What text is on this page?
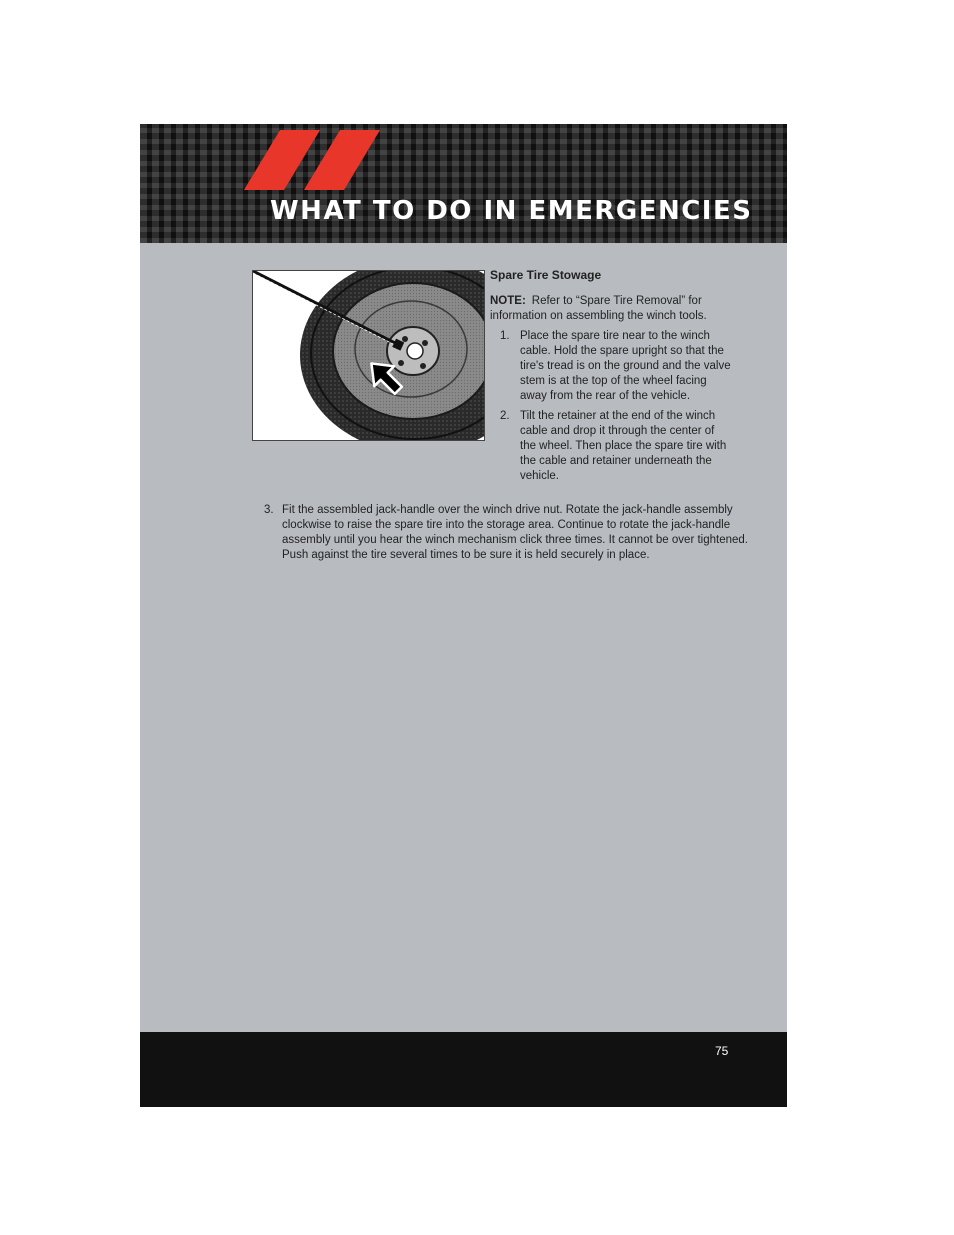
WHAT TO DO IN EMERGENCIES
Spare Tire Stowage

NOTE: Refer to “Spare Tire Removal” for information on assembling the winch tools.

1. Place the spare tire near to the winch cable. Hold the spare upright so that the tire's tread is on the ground and the valve stem is at the top of the wheel facing away from the rear of the vehicle.
2. Tilt the retainer at the end of the winch cable and drop it through the center of the wheel. Then place the spare tire with the cable and retainer underneath the vehicle.

3. Fit the assembled jack-handle over the winch drive nut. Rotate the jack-handle assembly clockwise to raise the spare tire into the storage area. Continue to rotate the jack-handle assembly until you hear the winch mechanism click three times. It cannot be over tightened. Push against the tire several times to be sure it is held securely in place.

75
